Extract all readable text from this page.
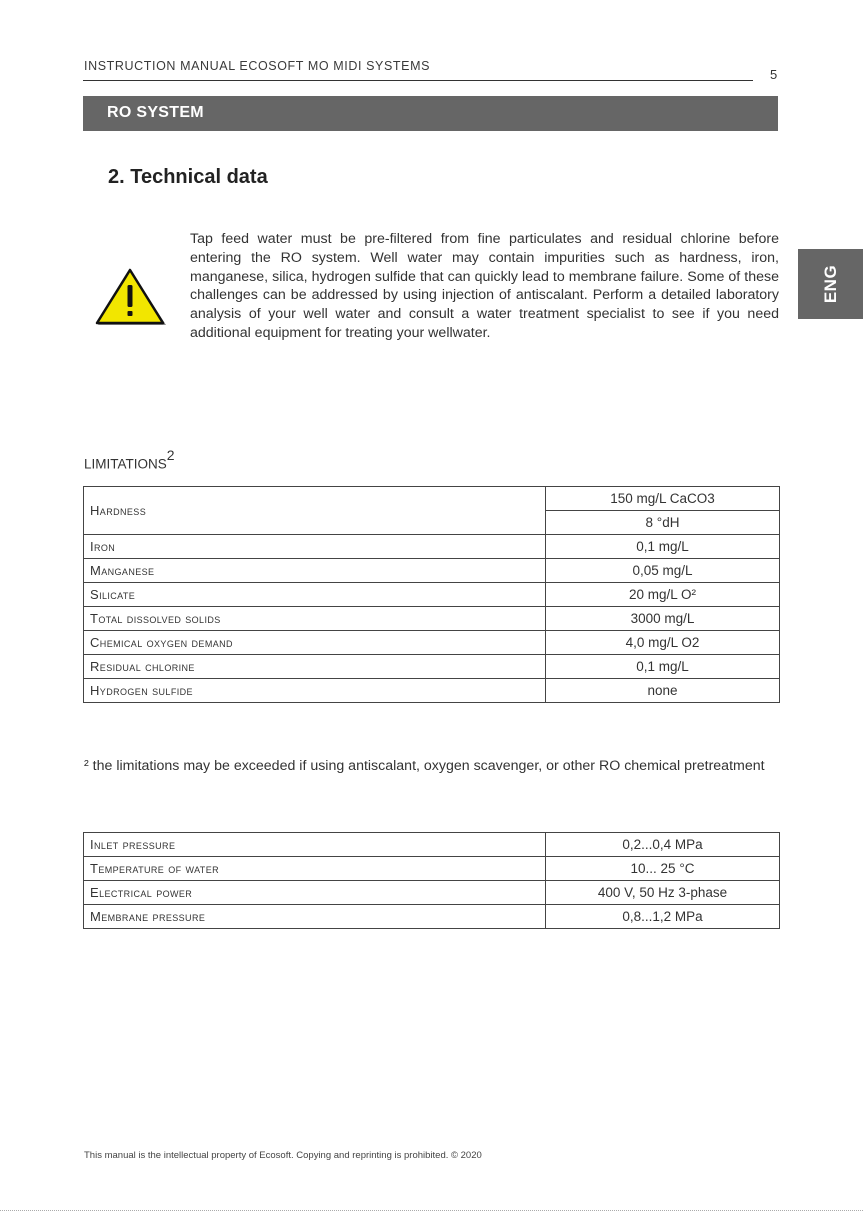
INSTRUCTION MANUAL ECOSOFT MO MIDI SYSTEMS
5
RO SYSTEM
ENG
2. Technical data
Tap feed water must be pre-filtered from fine particulates and residual chlorine before entering the RO system. Well water may contain impurities such as hardness, iron, manganese, silica, hydrogen sulfide that can quickly lead to membrane failure. Some of these challenges can be addressed by using injection of antiscalant. Perform a detailed laboratory analysis of your well water and consult a water treatment specialist to see if you need additional equipment for treating your wellwater.
LIMITATIONS$^2$
Hardness	150 mg/L CaCO3
	8 °dH
Iron	0,1 mg/L
Manganese	0,05 mg/L
Silicate	20 mg/L O²
Total dissolved solids	3000 mg/L
Chemical oxygen demand	4,0 mg/L O2
Residual chlorine	0,1 mg/L
Hydrogen sulfide	none
² the limitations may be exceeded if using antiscalant, oxygen scavenger, or other RO chemical pretreatment
Inlet pressure	0,2...0,4 MPa
Temperature of water	10... 25 °C
Electrical power	400 V, 50 Hz 3-phase
Membrane pressure	0,8...1,2 MPa
This manual is the intellectual property of Ecosoft. Copying and reprinting is prohibited. © 2020
